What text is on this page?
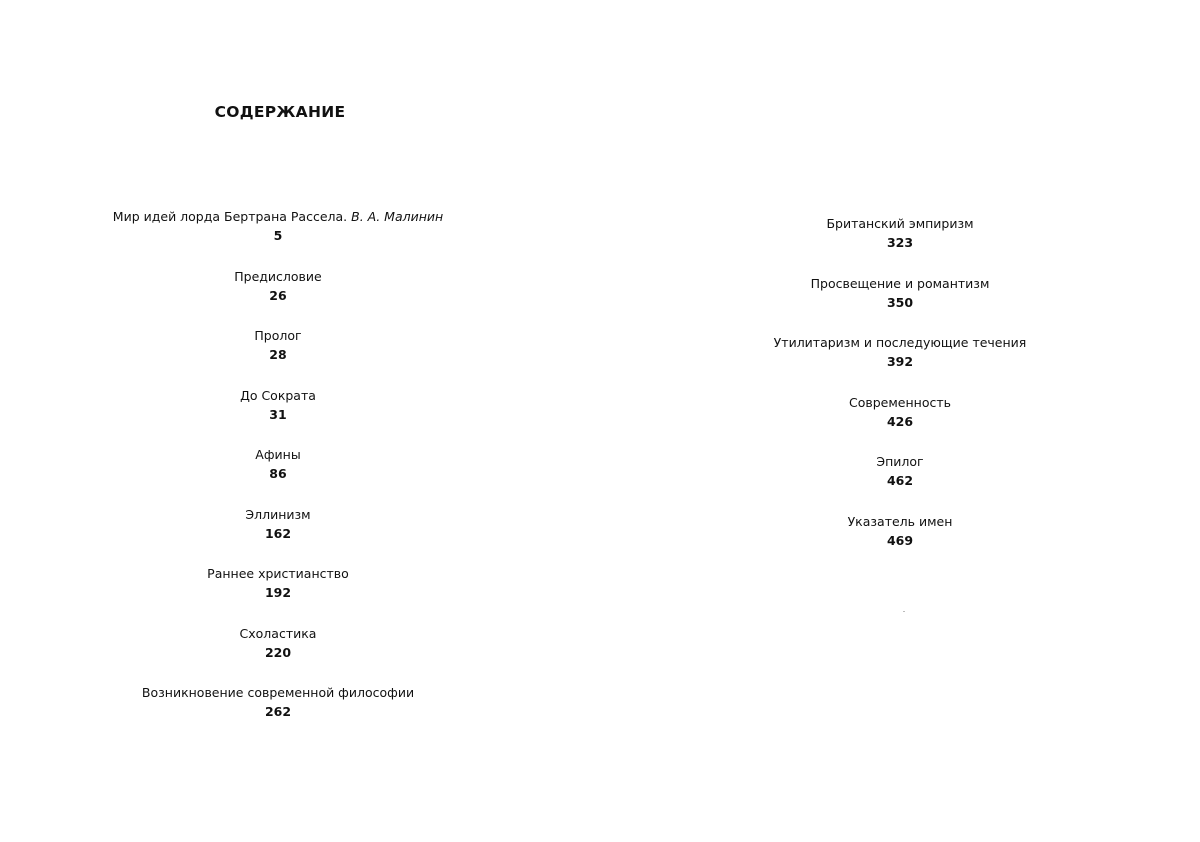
СОДЕРЖАНИЕ
Мир идей лорда Бертрана Рассела. В. А. Малинин
5
Предисловие
26
Пролог
28
До Сократа
31
Афины
86
Эллинизм
162
Раннее христианство
192
Схоластика
220
Возникновение современной философии
262
Британский эмпиризм
323
Просвещение и романтизм
350
Утилитаризм и последующие течения
392
Современность
426
Эпилог
462
Указатель имен
469
